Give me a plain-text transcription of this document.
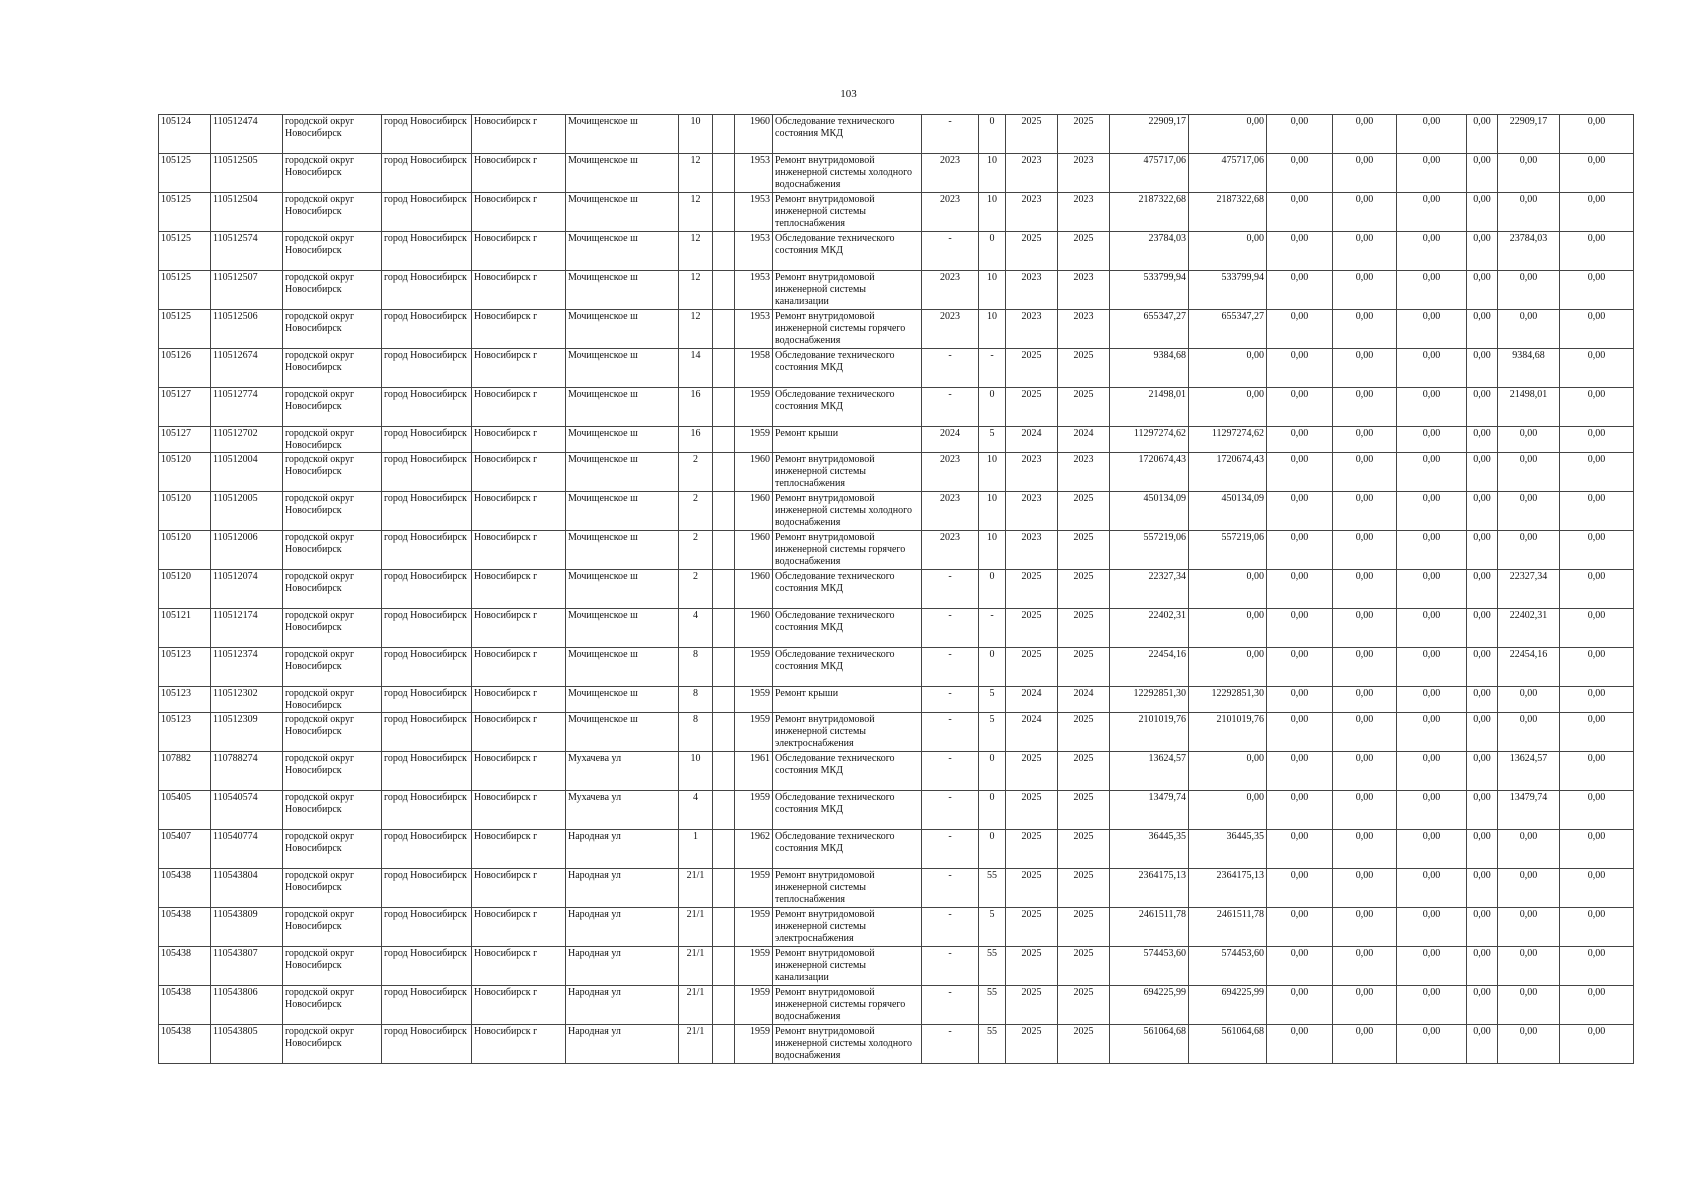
103
105124	110512474	городской округ Новосибирск	город Новосибирск	Новосибирск г	Мочищенское ш	10		1960	Обследование технического состояния МКД	-	0	2025	2025	22909,17	0,00	0,00	0,00	0,00	0,00	22909,17	0,00
105125	110512505	городской округ Новосибирск	город Новосибирск	Новосибирск г	Мочищенское ш	12		1953	Ремонт внутридомовой инженерной системы холодного водоснабжения	2023	10	2023	2023	475717,06	475717,06	0,00	0,00	0,00	0,00	0,00	0,00
105125	110512504	городской округ Новосибирск	город Новосибирск	Новосибирск г	Мочищенское ш	12		1953	Ремонт внутридомовой инженерной системы теплоснабжения	2023	10	2023	2023	2187322,68	2187322,68	0,00	0,00	0,00	0,00	0,00	0,00
105125	110512574	городской округ Новосибирск	город Новосибирск	Новосибирск г	Мочищенское ш	12		1953	Обследование технического состояния МКД	-	0	2025	2025	23784,03	0,00	0,00	0,00	0,00	0,00	23784,03	0,00
105125	110512507	городской округ Новосибирск	город Новосибирск	Новосибирск г	Мочищенское ш	12		1953	Ремонт внутридомовой инженерной системы канализации	2023	10	2023	2023	533799,94	533799,94	0,00	0,00	0,00	0,00	0,00	0,00
105125	110512506	городской округ Новосибирск	город Новосибирск	Новосибирск г	Мочищенское ш	12		1953	Ремонт внутридомовой инженерной системы горячего водоснабжения	2023	10	2023	2023	655347,27	655347,27	0,00	0,00	0,00	0,00	0,00	0,00
105126	110512674	городской округ Новосибирск	город Новосибирск	Новосибирск г	Мочищенское ш	14		1958	Обследование технического состояния МКД	-	-	2025	2025	9384,68	0,00	0,00	0,00	0,00	0,00	9384,68	0,00
105127	110512774	городской округ Новосибирск	город Новосибирск	Новосибирск г	Мочищенское ш	16		1959	Обследование технического состояния МКД	-	0	2025	2025	21498,01	0,00	0,00	0,00	0,00	0,00	21498,01	0,00
105127	110512702	городской округ Новосибирск	город Новосибирск	Новосибирск г	Мочищенское ш	16		1959	Ремонт крыши	2024	5	2024	2024	11297274,62	11297274,62	0,00	0,00	0,00	0,00	0,00	0,00
105120	110512004	городской округ Новосибирск	город Новосибирск	Новосибирск г	Мочищенское ш	2		1960	Ремонт внутридомовой инженерной системы теплоснабжения	2023	10	2023	2023	1720674,43	1720674,43	0,00	0,00	0,00	0,00	0,00	0,00
105120	110512005	городской округ Новосибирск	город Новосибирск	Новосибирск г	Мочищенское ш	2		1960	Ремонт внутридомовой инженерной системы холодного водоснабжения	2023	10	2023	2025	450134,09	450134,09	0,00	0,00	0,00	0,00	0,00	0,00
105120	110512006	городской округ Новосибирск	город Новосибирск	Новосибирск г	Мочищенское ш	2		1960	Ремонт внутридомовой инженерной системы горячего водоснабжения	2023	10	2023	2025	557219,06	557219,06	0,00	0,00	0,00	0,00	0,00	0,00
105120	110512074	городской округ Новосибирск	город Новосибирск	Новосибирск г	Мочищенское ш	2		1960	Обследование технического состояния МКД	-	0	2025	2025	22327,34	0,00	0,00	0,00	0,00	0,00	22327,34	0,00
105121	110512174	городской округ Новосибирск	город Новосибирск	Новосибирск г	Мочищенское ш	4		1960	Обследование технического состояния МКД	-	-	2025	2025	22402,31	0,00	0,00	0,00	0,00	0,00	22402,31	0,00
105123	110512374	городской округ Новосибирск	город Новосибирск	Новосибирск г	Мочищенское ш	8		1959	Обследование технического состояния МКД	-	0	2025	2025	22454,16	0,00	0,00	0,00	0,00	0,00	22454,16	0,00
105123	110512302	городской округ Новосибирск	город Новосибирск	Новосибирск г	Мочищенское ш	8		1959	Ремонт крыши	-	5	2024	2024	12292851,30	12292851,30	0,00	0,00	0,00	0,00	0,00	0,00
105123	110512309	городской округ Новосибирск	город Новосибирск	Новосибирск г	Мочищенское ш	8		1959	Ремонт внутридомовой инженерной системы электроснабжения	-	5	2024	2025	2101019,76	2101019,76	0,00	0,00	0,00	0,00	0,00	0,00
107882	110788274	городской округ Новосибирск	город Новосибирск	Новосибирск г	Мухачева ул	10		1961	Обследование технического состояния МКД	-	0	2025	2025	13624,57	0,00	0,00	0,00	0,00	0,00	13624,57	0,00
105405	110540574	городской округ Новосибирск	город Новосибирск	Новосибирск г	Мухачева ул	4		1959	Обследование технического состояния МКД	-	0	2025	2025	13479,74	0,00	0,00	0,00	0,00	0,00	13479,74	0,00
105407	110540774	городской округ Новосибирск	город Новосибирск	Новосибирск г	Народная ул	1		1962	Обследование технического состояния МКД	-	0	2025	2025	36445,35	36445,35	0,00	0,00	0,00	0,00	0,00	0,00
105438	110543804	городской округ Новосибирск	город Новосибирск	Новосибирск г	Народная ул	21/1		1959	Ремонт внутридомовой инженерной системы теплоснабжения	-	55	2025	2025	2364175,13	2364175,13	0,00	0,00	0,00	0,00	0,00	0,00
105438	110543809	городской округ Новосибирск	город Новосибирск	Новосибирск г	Народная ул	21/1		1959	Ремонт внутридомовой инженерной системы электроснабжения	-	5	2025	2025	2461511,78	2461511,78	0,00	0,00	0,00	0,00	0,00	0,00
105438	110543807	городской округ Новосибирск	город Новосибирск	Новосибирск г	Народная ул	21/1		1959	Ремонт внутридомовой инженерной системы канализации	-	55	2025	2025	574453,60	574453,60	0,00	0,00	0,00	0,00	0,00	0,00
105438	110543806	городской округ Новосибирск	город Новосибирск	Новосибирск г	Народная ул	21/1		1959	Ремонт внутридомовой инженерной системы горячего водоснабжения	-	55	2025	2025	694225,99	694225,99	0,00	0,00	0,00	0,00	0,00	0,00
105438	110543805	городской округ Новосибирск	город Новосибирск	Новосибирск г	Народная ул	21/1		1959	Ремонт внутридомовой инженерной системы холодного водоснабжения	-	55	2025	2025	561064,68	561064,68	0,00	0,00	0,00	0,00	0,00	0,00
